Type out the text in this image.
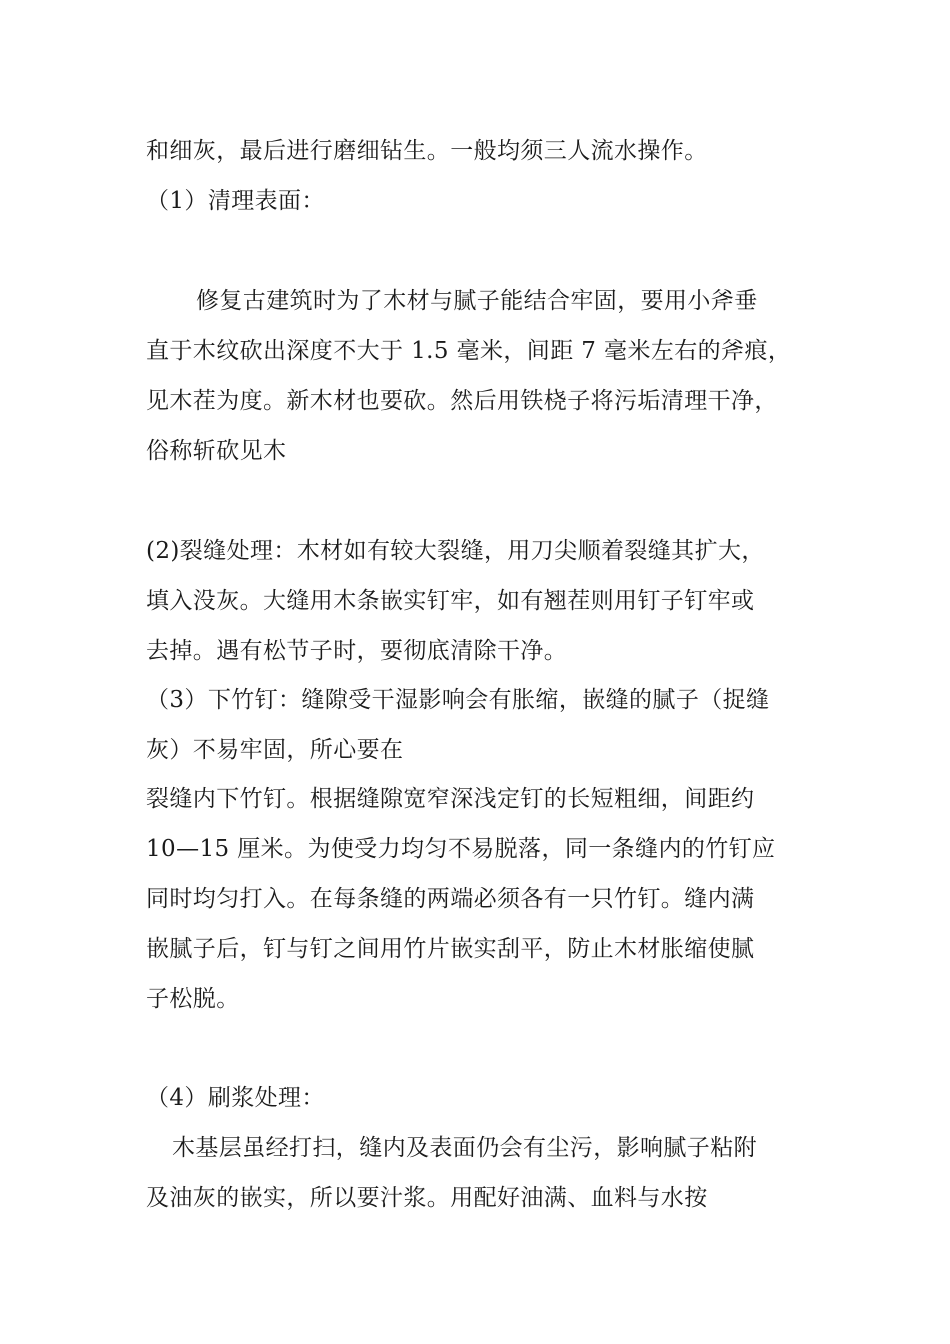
和细灰，最后进行磨细钻生。一般均须三人流水操作。
（1）清理表面：
修复古建筑时为了木材与腻子能结合牢固，要用小斧垂
直于木纹砍出深度不大于 1.5 毫米，间距 7 毫米左右的斧痕，
见木茬为度。新木材也要砍。然后用铁桡子将污垢清理干净，
俗称斩砍见木
(2)裂缝处理：木材如有较大裂缝，用刀尖顺着裂缝其扩大，
填入没灰。大缝用木条嵌实钉牢，如有翘茬则用钉子钉牢或
去掉。遇有松节子时，要彻底清除干净。
（3）下竹钉：缝隙受干湿影响会有胀缩，嵌缝的腻子（捉缝
灰）不易牢固，所心要在
裂缝内下竹钉。根据缝隙宽窄深浅定钉的长短粗细，间距约
10—15 厘米。为使受力均匀不易脱落，同一条缝内的竹钉应
同时均匀打入。在每条缝的两端必须各有一只竹钉。缝内满
嵌腻子后，钉与钉之间用竹片嵌实刮平，防止木材胀缩使腻
子松脱。
（4）刷浆处理：
木基层虽经打扫，缝内及表面仍会有尘污，影响腻子粘附
及油灰的嵌实，所以要汁浆。用配好油满、血料与水按
